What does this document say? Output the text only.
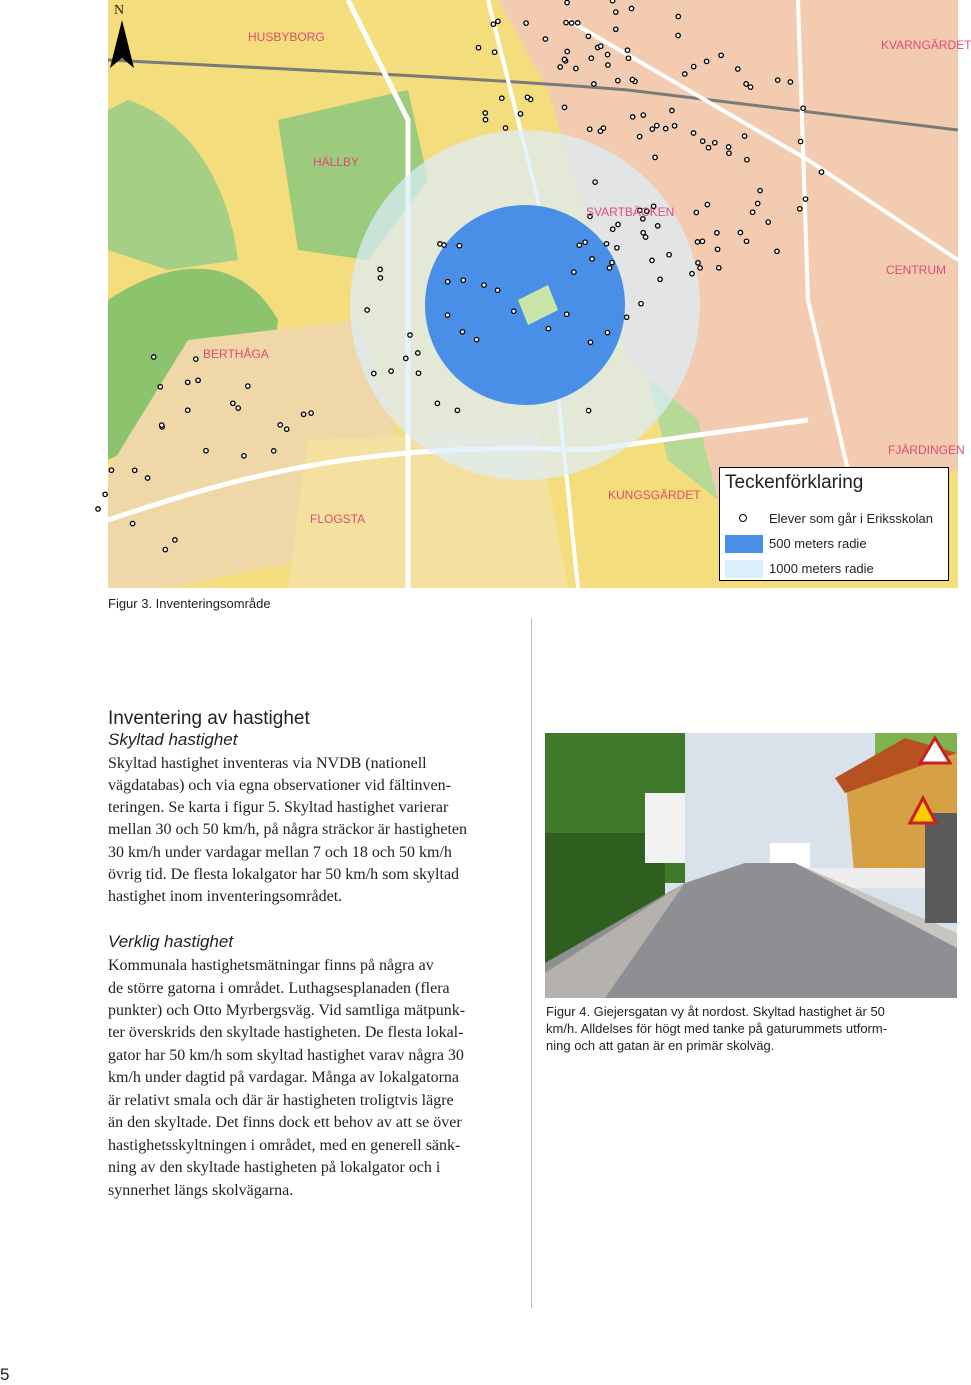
N
HUSBYBORG
HÄLLBY
BERTHÅGA
FLOGSTA
KVARNGÄRDET
CENTRUM
SVARTBÄCKEN
KUNGSGÄRDET
FJÄRDINGEN
Teckenförklaring
Elever som går i Eriksskolan
500 meters radie
1000 meters radie
Figur 3. Inventeringsområde
Inventering av hastighet
Skyltad hastighet
Skyltad hastighet inventeras via NVDB (nationell
vägdatabas) och via egna observationer vid fältinven-
teringen. Se karta i figur 5. Skyltad hastighet varierar
mellan 30 och 50 km/h, på några sträckor är hastigheten
30 km/h under vardagar mellan 7 och 18 och 50 km/h
övrig tid. De flesta lokalgator har 50 km/h som skyltad
hastighet inom inventeringsområdet.
Verklig hastighet
Kommunala hastighetsmätningar finns på några av
de större gatorna i området. Luthagsesplanaden (flera
punkter) och Otto Myrbergsväg. Vid samtliga mätpunk-
ter överskrids den skyltade hastigheten. De flesta lokal-
gator har 50 km/h som skyltad hastighet varav några 30
km/h under dagtid på vardagar. Många av lokalgatorna
är relativt smala och där är hastigheten troligtvis lägre
än den skyltade. Det finns dock ett behov av att se över
hastighetsskyltningen i området, med en generell sänk-
ning av den skyltade hastigheten på lokalgator och i
synnerhet längs skolvägarna.
Figur 4. Giejersgatan vy åt nordost. Skyltad hastighet är 50
km/h. Alldelses för högt med tanke på gaturummets utform-
ning och att gatan är en primär skolväg.
5
